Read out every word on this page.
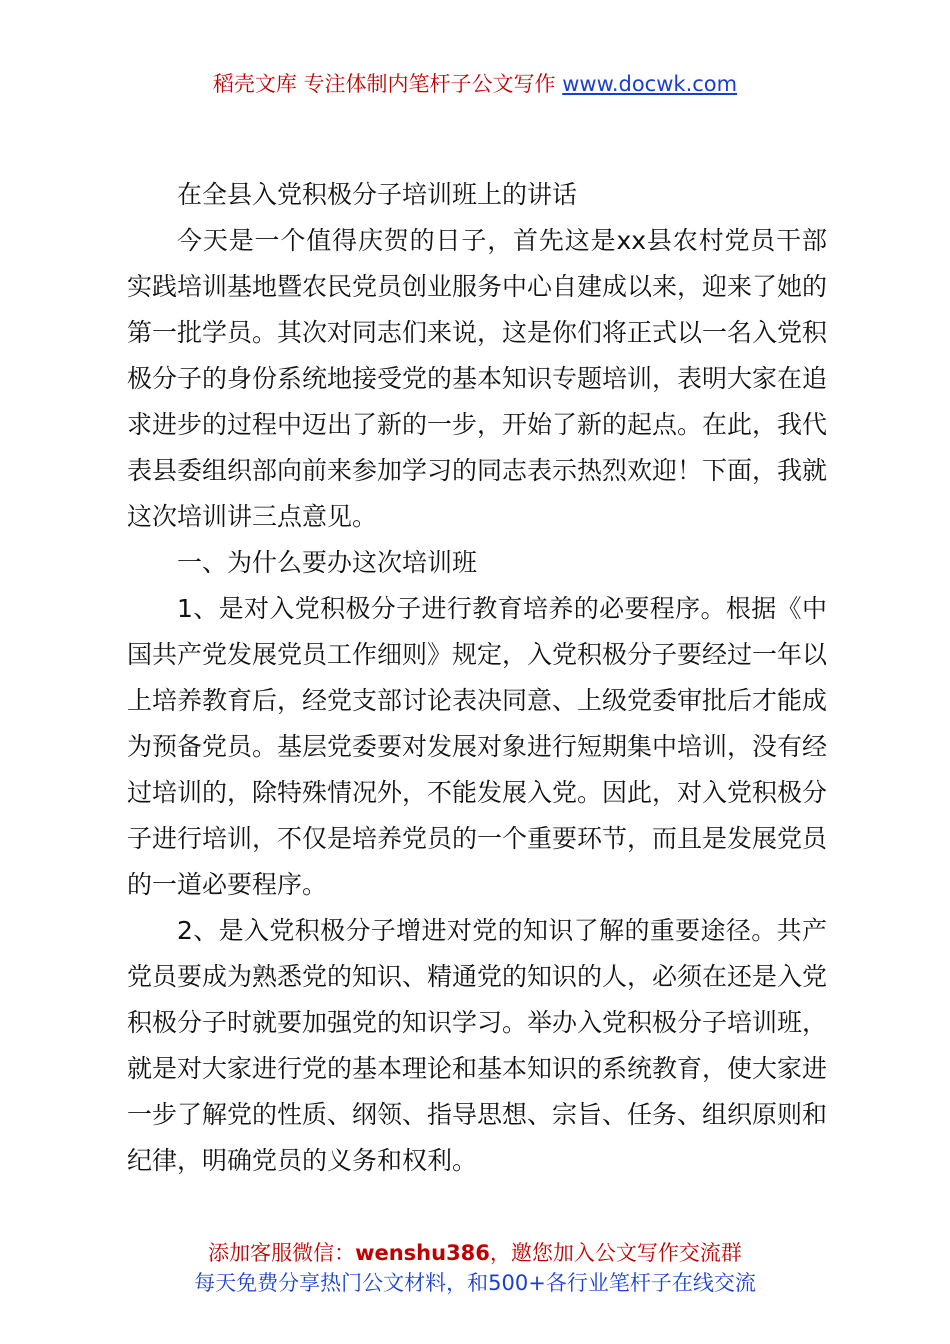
稻壳文库 专注体制内笔杆子公文写作 www.docwk.com

在全县入党积极分子培训班上的讲话

今天是一个值得庆贺的日子，首先这是xx县农村党员干部实践培训基地暨农民党员创业服务中心自建成以来，迎来了她的第一批学员。其次对同志们来说，这是你们将正式以一名入党积极分子的身份系统地接受党的基本知识专题培训，表明大家在追求进步的过程中迈出了新的一步，开始了新的起点。在此，我代表县委组织部向前来参加学习的同志表示热烈欢迎！下面，我就这次培训讲三点意见。

一、为什么要办这次培训班

1、是对入党积极分子进行教育培养的必要程序。根据《中国共产党发展党员工作细则》规定，入党积极分子要经过一年以上培养教育后，经党支部讨论表决同意、上级党委审批后才能成为预备党员。基层党委要对发展对象进行短期集中培训，没有经过培训的，除特殊情况外，不能发展入党。因此，对入党积极分子进行培训，不仅是培养党员的一个重要环节，而且是发展党员的一道必要程序。

2、是入党积极分子增进对党的知识了解的重要途径。共产党员要成为熟悉党的知识、精通党的知识的人，必须在还是入党积极分子时就要加强党的知识学习。举办入党积极分子培训班，就是对大家进行党的基本理论和基本知识的系统教育，使大家进一步了解党的性质、纲领、指导思想、宗旨、任务、组织原则和纪律，明确党员的义务和权利。

添加客服微信：wenshu386，邀您加入公文写作交流群
每天免费分享热门公文材料，和500+各行业笔杆子在线交流
